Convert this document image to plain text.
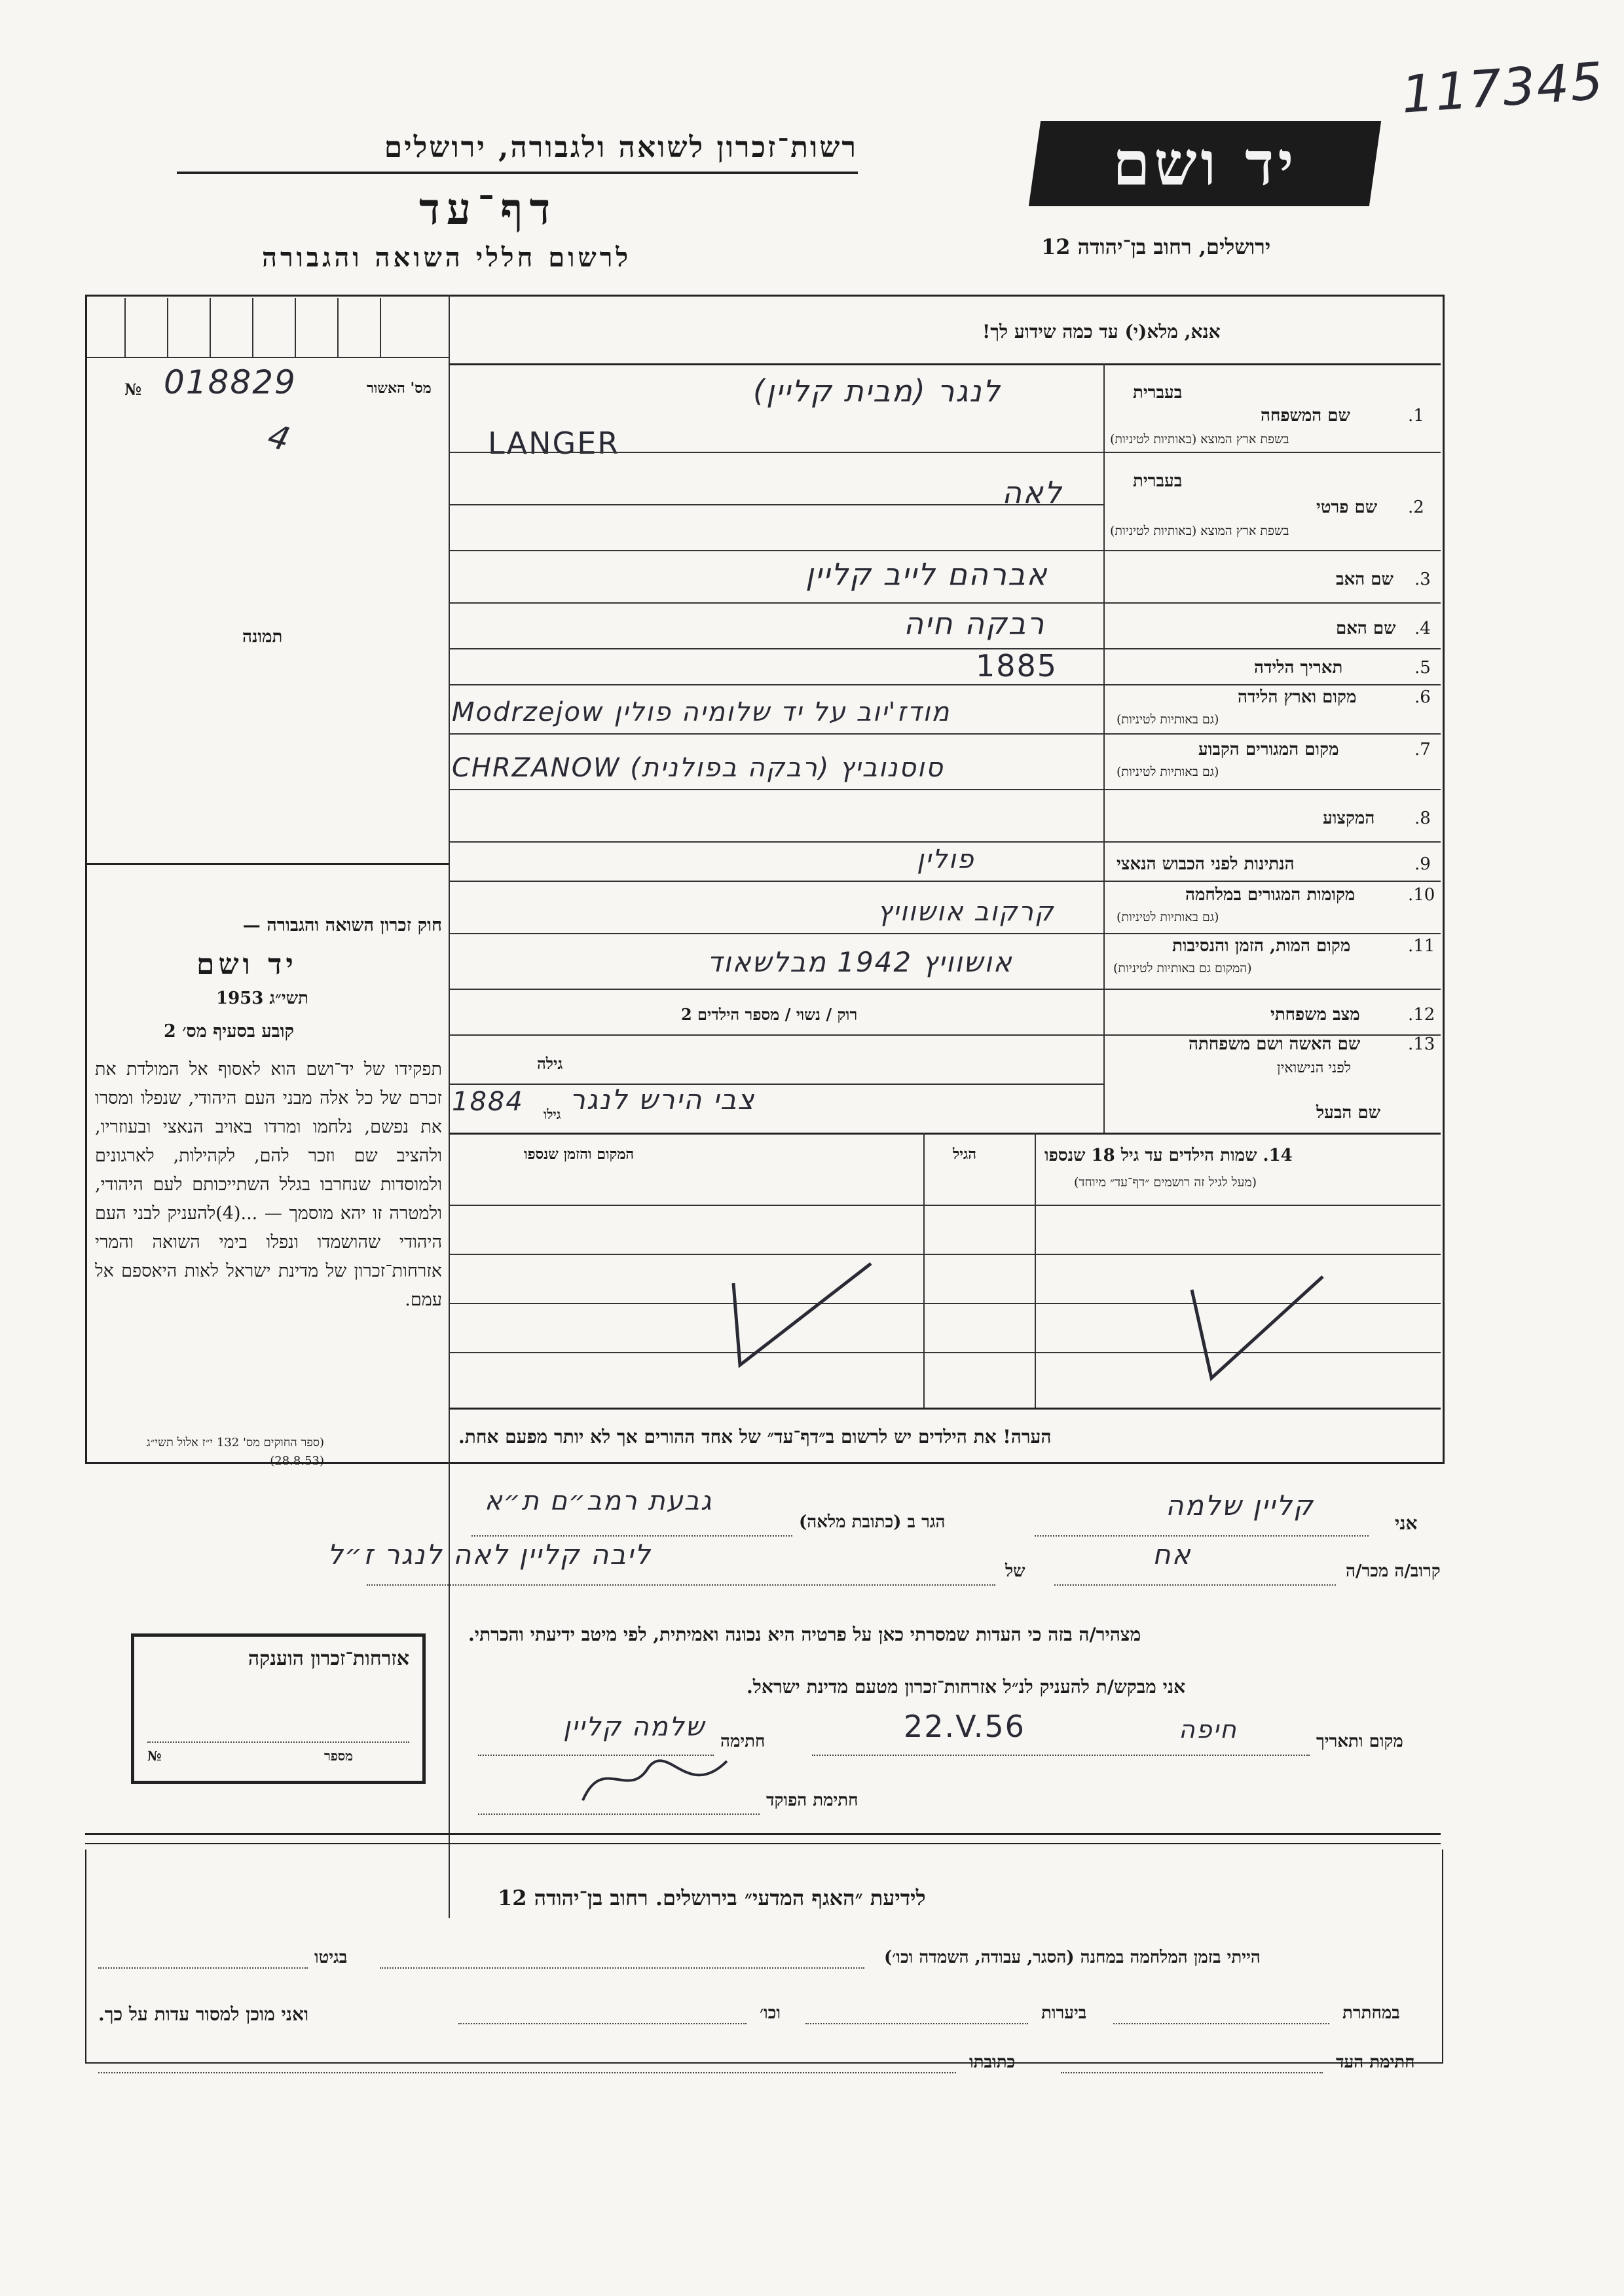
117345
רשות־זכרון לשואה ולגבורה, ירושלים
דף־עד
לרשום חללי השואה והגבורה
יד ושם
ירושלים, רחוב בן־יהודה 12
מס' האשור
№ 018829
4
תמונה
חוק זכרון השואה והגבורה —
יד ושם
תשי״ג 1953
קובע בסעיף מס׳ 2
תפקידו של יד־ושם הוא לאסוף אל המולדת את זכרם של כל אלה מבני העם היהודי, שנפלו ומסרו את נפשם, נלחמו ומרדו באויב הנאצי ובעוזריו, ולהציב שם וזכר להם, לקהילות, לארגונים ולמוסדות שנחרבו בגלל השתייכותם לעם היהודי, ולמטרה זו יהא מוסמך — ...(4)להעניק לבני העם היהודי שהושמדו ונפלו בימי השואה והמרי אזרחות־זכרון של מדינת ישראל לאות היאספם אל עמם.
(ספר החוקים מס' 132 י״ז אלול תשי״ג (28.8.53)
אנא, מלא(י) עד כמה שידוע לך!
בעברית
1.
שם המשפחה
בשפת ארץ המוצא (באותיות לטיניות)
לנגר (מבית קליין)
LANGER
בעברית
2.
שם פרטי
בשפת ארץ המוצא (באותיות לטיניות)
לאה
3.
שם האב
אברהם לייב קליין
4.
שם האם
רבקה חיה
5.
תאריך הלידה
1885
6.
מקום וארץ הלידה
(גם באותיות לטיניות)
מודז'יוב על יד שלומיה פולין Modrzejow
7.
מקום המגורים הקבוע
(גם באותיות לטיניות)
סוסנוביץ (רבקה בפולנית) CHRZANOW
8.
המקצוע
9.
הנתינות לפני הכבוש הנאצי
פולין
10.
מקומות המגורים במלחמה
(גם באותיות לטיניות)
קרקוב אושוויץ
11.
מקום המות, הזמן והנסיבות
(המקום גם באותיות לטיניות)
אושוויץ 1942 מבלשאוד
12.
מצב משפחתי
רוק / נשוי / מספר הילדים 2
13.
שם האשה ושם משפחתה
לפני הנישואין
גילה
שם הבעל
צבי הירש לנגר
גילו
1884
14. שמות הילדים עד גיל 18 שנספו
(מעל לגיל זה רושמים ״דף־עד״ מיוחד)
הגיל
המקום והזמן שנספו
הערה! את הילדים יש לרשום ב״דף־עד״ של אחד ההורים אך לא יותר מפעם אחת.
אני
קליין שלמה
הגר ב (כתובת מלאה)
גבעת רמב״ם ת״א
קרוב/ה מכר/ה
אח
של
ליבה קליין לאה לנגר ז״ל
מצהיר/ה בזה כי העדות שמסרתי כאן על פרטיה היא נכונה ואמיתית, לפי מיטב ידיעתי והכרתי.
אני מבקש/ת להעניק לנ״ל אזרחות־זכרון מטעם מדינת ישראל.
מקום ותאריך
חיפה
22.V.56
חתימה
שלמה קליין
חתימת הפוקד
אזרחות־זכרון הוענקה
№	מספר
לידיעת ״האגף המדעי״ בירושלים. רחוב בן־יהודה 12
הייתי בזמן המלחמה במחנה (הסגר, עבודה, השמדה וכו׳)
בגיטו
במחתרת
ביערות
וכו׳
ואני מוכן למסור עדות על כך.
חתימת העד
כתובתו
